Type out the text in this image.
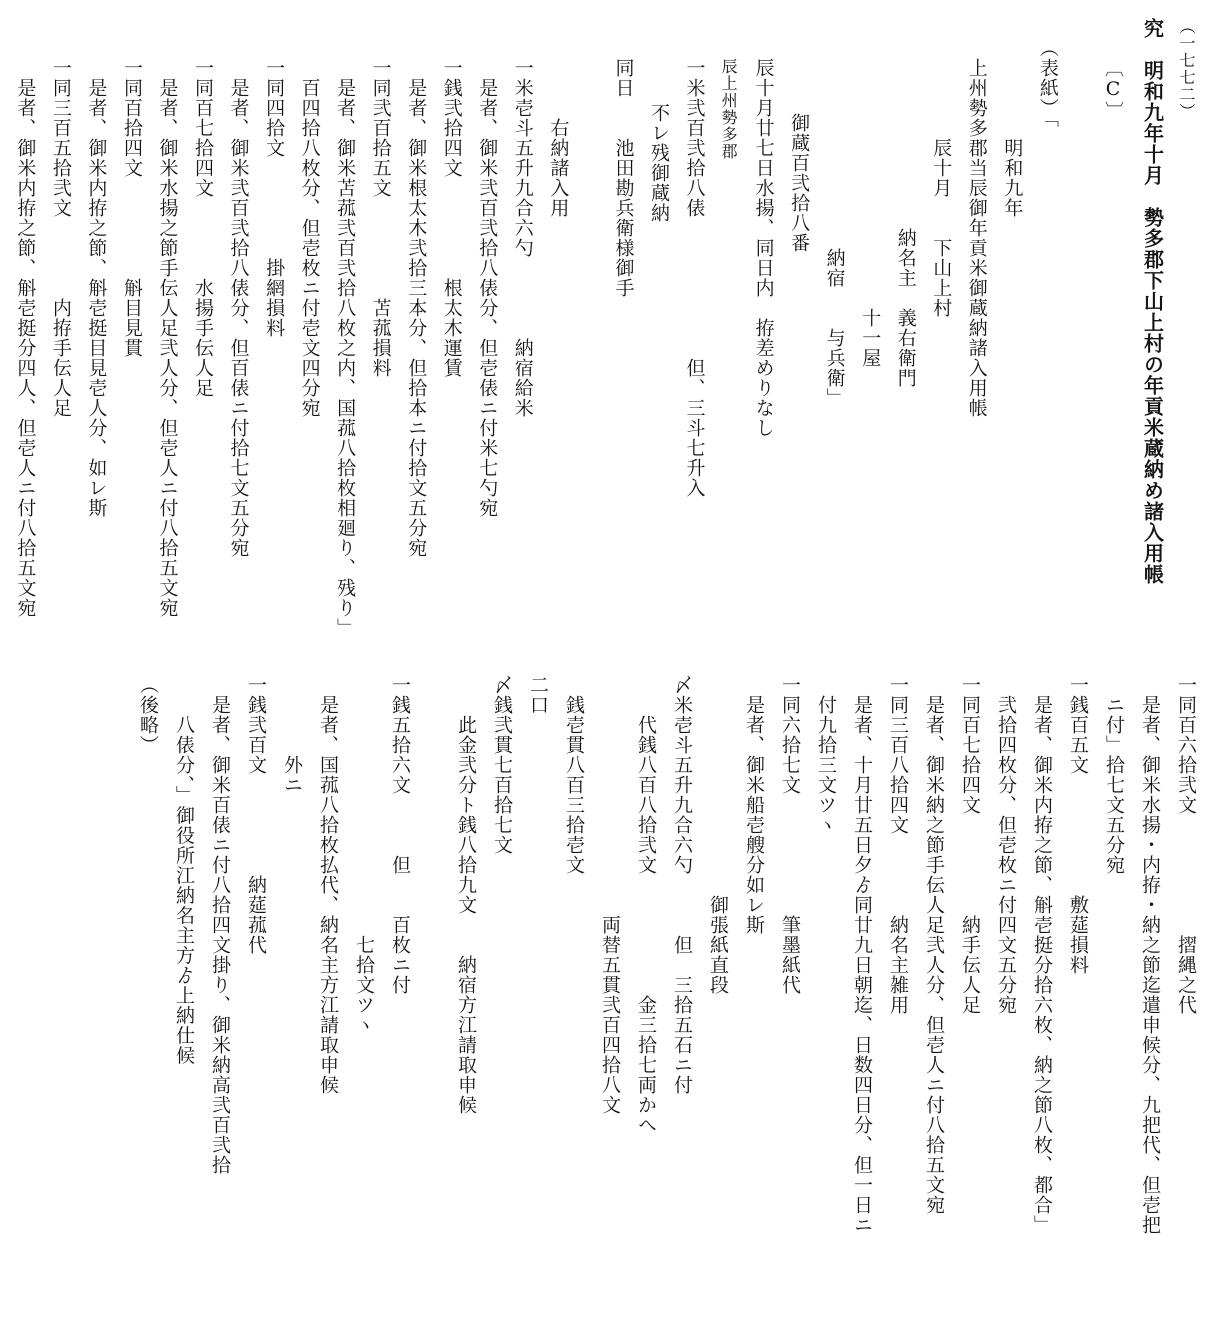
（一七七二）
究　明和九年十月　勢多郡下山上村の年貢米蔵納め諸入用帳
〔C〕
（表紙）「
明和九年
上州勢多郡当辰御年貢米御蔵納諸入用帳
辰十月　　下山上村
納名主　義右衛門
十一屋
納宿　　与兵衛」
御蔵百弐拾八番
辰十月廿七日水揚、同日内　拵差めりなし
辰上州勢多郡
一米弐百弐拾八俵　　　　　　　但、三斗七升入
不レ残御蔵納
同日　　池田勘兵衛様御手
右納諸入用
一米壱斗五升九合六勺　　　　納宿給米
是者、御米弐百弐拾八俵分、但壱俵ニ付米七勺宛
一銭弐拾四文　　　　　根太木運賃
是者、御米根太木弐拾三本分、但拾本ニ付拾文五分宛
一同弐百拾五文　　　　　苫菰損料
是者、御米苫菰弐百弐拾八枚之内、国菰八拾枚相廻り、残り」
百四拾八枚分、但壱枚ニ付壱文四分宛
一同四拾文　　　　　掛網損料
是者、御米弐百弐拾八俵分、但百俵ニ付拾七文五分宛
一同百七拾四文　　　　水揚手伝人足
是者、御米水揚之節手伝人足弐人分、但壱人ニ付八拾五文宛
一同百拾四文　　　　　斛目見貫
是者、御米内拵之節、斛壱挺目見壱人分、如レ斯
一同三百五拾弐文　　　　内拵手伝人足
是者、御米内拵之節、斛壱挺分四人、但壱人ニ付八拾五文宛
一同百六拾弐文　　　　　　摺縄之代
是者、御米水揚・内拵・納之節迄遣申候分、九把代、但壱把
ニ付」拾七文五分宛
一銭百五文　　　　　　敷莚損料
是者、御米内拵之節、斛壱挺分拾六枚、納之節八枚、都合」
弐拾四枚分、但壱枚ニ付四文五分宛
一同百七拾四文　　　　　納手伝人足
是者、御米納之節手伝人足弐人分、但壱人ニ付八拾五文宛
一同三百八拾四文　　　　納名主雑用
是者、十月廿五日夕ゟ同廿九日朝迄、日数四日分、但一日ニ
付九拾三文ツヽ
一同六拾七文　　　　　　筆墨紙代
是者、御米船壱艘分如レ斯
　　　　　　　　　　　御張紙直段
〆米壱斗五升九合六勺　　　但　三拾五石ニ付
代銭八百八拾弐文　　　　　　金三拾七両かへ
　　　　　　　　　　　　両替五貫弐百四拾八文
銭壱貫八百三拾壱文
二口
〆銭弐貫七百拾七文
此金弐分ト銭八拾九文　　納宿方江請取申候
一銭五拾六文　　　但　　百枚ニ付
　　　　　　　　　　　七拾文ツヽ
是者、国菰八拾枚払代、納名主方江請取申候
外ニ
一銭弐百文　　　　　納莚菰代
是者、御米百俵ニ付八拾四文掛り、御米納高弐百弐拾
八俵分、」御役所江納名主方ゟ上納仕候
（後略）
